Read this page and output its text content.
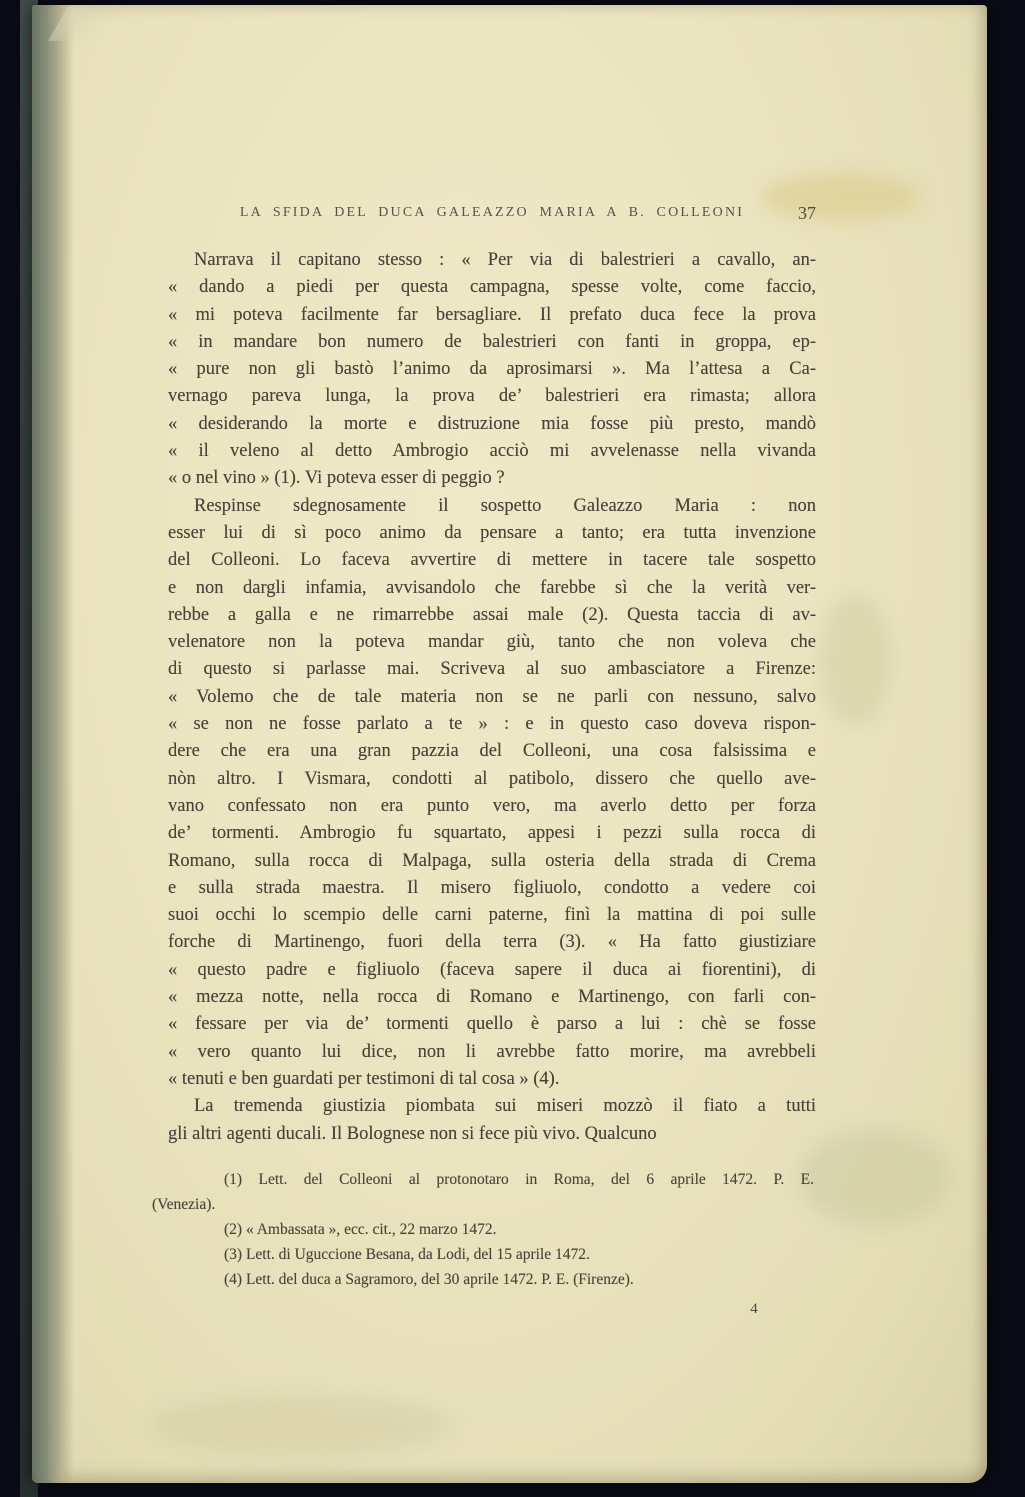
LA SFIDA DEL DUCA GALEAZZO MARIA A B. COLLEONI	37
Narrava il capitano stesso : « Per via di balestrieri a cavallo, an-
« dando a piedi per questa campagna, spesse volte, come faccio,
« mi poteva facilmente far bersagliare. Il prefato duca fece la prova
« in mandare bon numero de balestrieri con fanti in groppa, ep-
« pure non gli bastò l’animo da aprosimarsi ». Ma l’attesa a Ca-
vernago pareva lunga, la prova de’ balestrieri era rimasta; allora
« desiderando la morte e distruzione mia fosse più presto, mandò
« il veleno al detto Ambrogio acciò mi avvelenasse nella vivanda
« o nel vino » (1). Vi poteva esser di peggio ?
Respinse sdegnosamente il sospetto Galeazzo Maria : non
esser lui di sì poco animo da pensare a tanto; era tutta invenzione
del Colleoni. Lo faceva avvertire di mettere in tacere tale sospetto
e non dargli infamia, avvisandolo che farebbe sì che la verità ver-
rebbe a galla e ne rimarrebbe assai male (2). Questa taccia di av-
velenatore non la poteva mandar giù, tanto che non voleva che
di questo si parlasse mai. Scriveva al suo ambasciatore a Firenze:
« Volemo che de tale materia non se ne parli con nessuno, salvo
« se non ne fosse parlato a te » : e in questo caso doveva rispon-
dere che era una gran pazzia del Colleoni, una cosa falsissima e
nòn altro. I Vismara, condotti al patibolo, dissero che quello ave-
vano confessato non era punto vero, ma averlo detto per forza
de’ tormenti. Ambrogio fu squartato, appesi i pezzi sulla rocca di
Romano, sulla rocca di Malpaga, sulla osteria della strada di Crema
e sulla strada maestra. Il misero figliuolo, condotto a vedere coi
suoi occhi lo scempio delle carni paterne, finì la mattina di poi sulle
forche di Martinengo, fuori della terra (3). « Ha fatto giustiziare
« questo padre e figliuolo (faceva sapere il duca ai fiorentini), di
« mezza notte, nella rocca di Romano e Martinengo, con farli con-
« fessare per via de’ tormenti quello è parso a lui : chè se fosse
« vero quanto lui dice, non li avrebbe fatto morire, ma avrebbeli
« tenuti e ben guardati per testimoni di tal cosa » (4).
La tremenda giustizia piombata sui miseri mozzò il fiato a tutti
gli altri agenti ducali. Il Bolognese non si fece più vivo. Qualcuno
(1) Lett. del Colleoni al protonotaro in Roma, del 6 aprile 1472. P. E.
(Venezia).
(2) « Ambassata », ecc. cit., 22 marzo 1472.
(3) Lett. di Uguccione Besana, da Lodi, del 15 aprile 1472.
(4) Lett. del duca a Sagramoro, del 30 aprile 1472. P. E. (Firenze).
4
